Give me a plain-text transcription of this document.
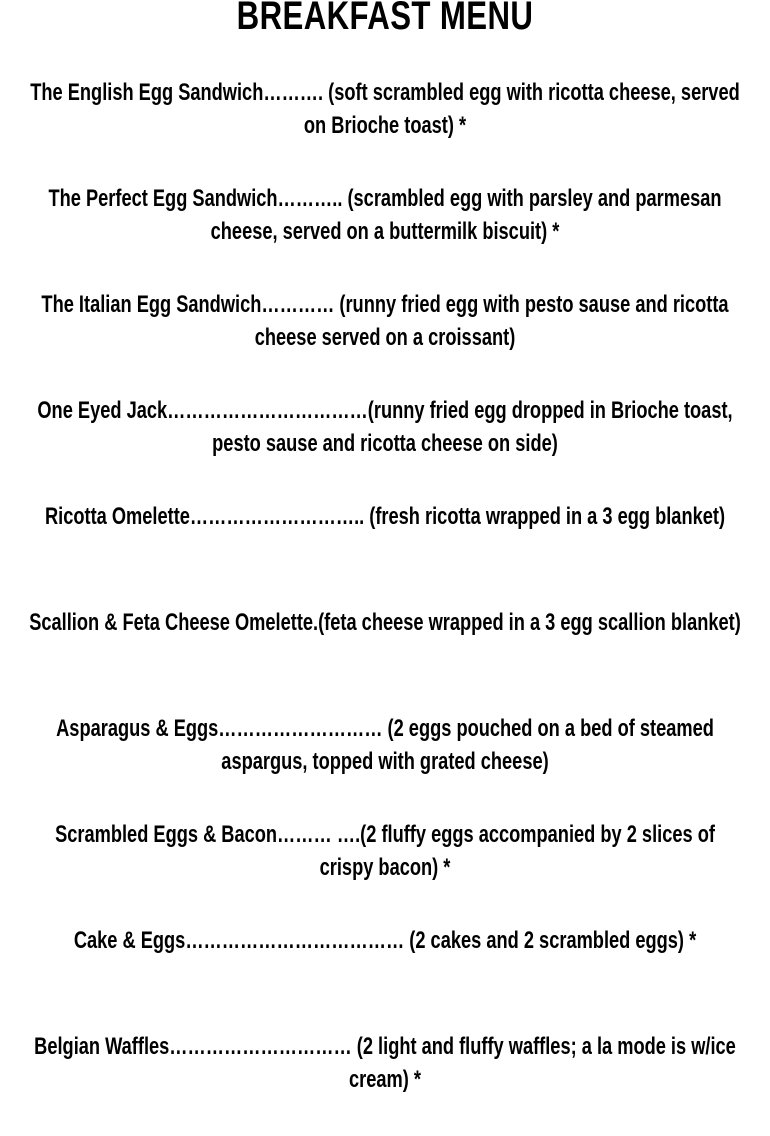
BREAKFAST MENU

The English Egg Sandwich………. (soft scrambled egg with ricotta cheese, served on Brioche toast) *

The Perfect Egg Sandwich……….. (scrambled egg with parsley and parmesan cheese, served on a buttermilk biscuit) *

The Italian Egg Sandwich………… (runny fried egg with pesto sause and ricotta cheese served on a croissant)

One Eyed Jack……………………………(runny fried egg dropped in Brioche toast, pesto sause and ricotta cheese on side)

Ricotta Omelette……………………….. (fresh ricotta wrapped in a 3 egg blanket)

Scallion & Feta Cheese Omelette.(feta cheese wrapped in a 3 egg scallion blanket)

Asparagus & Eggs……………………… (2 eggs pouched on a bed of steamed aspargus, topped with grated cheese)

Scrambled Eggs & Bacon……… ….(2 fluffy eggs accompanied by 2 slices of crispy bacon) *

Cake & Eggs……………………………… (2 cakes and 2 scrambled eggs) *

Belgian Waffles………………………… (2 light and fluffy waffles; a la mode is w/ice cream) *
